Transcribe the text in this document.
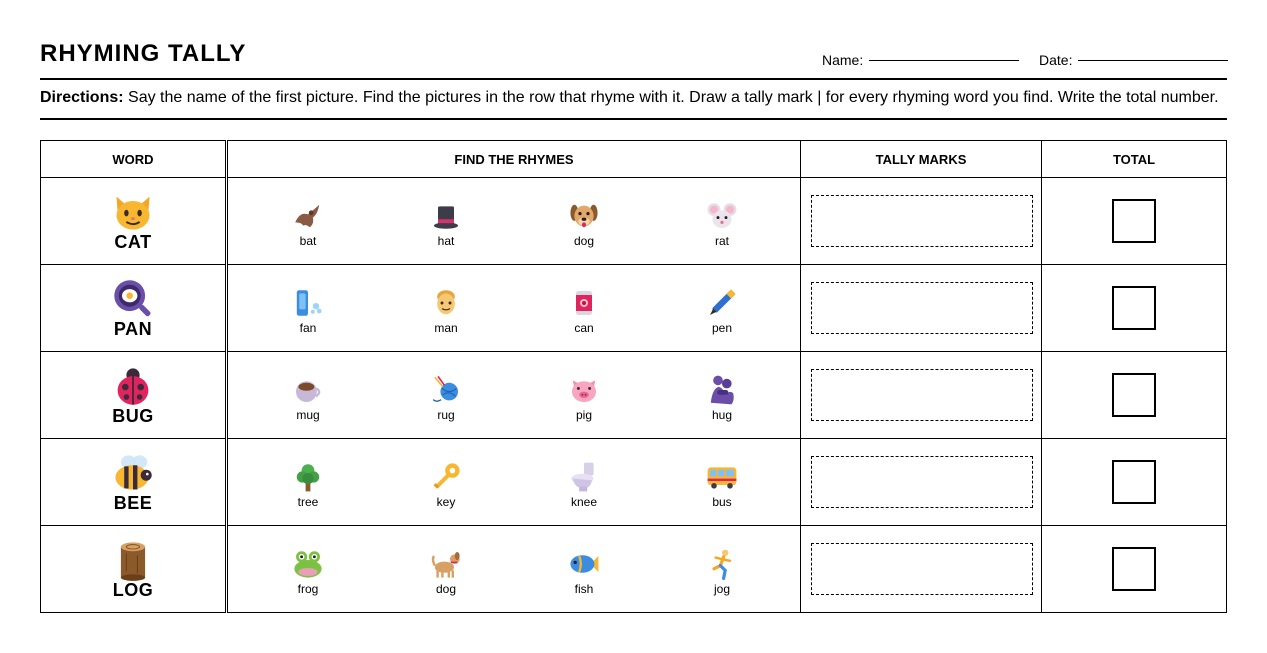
RHYMING TALLY	Name:	Date:
Directions: Say the name of the first picture. Find the pictures in the row that rhyme with it. Draw a tally mark | for every rhyming word you find. Write the total number.
WORD	FIND THE RHYMES	TALLY MARKS	TOTAL
CAT	bat	hat	dog	rat
PAN	fan	man	can	pen
BUG	mug	rug	pig	hug
BEE	tree	key	knee	bus
LOG	frog	dog	fish	jog
